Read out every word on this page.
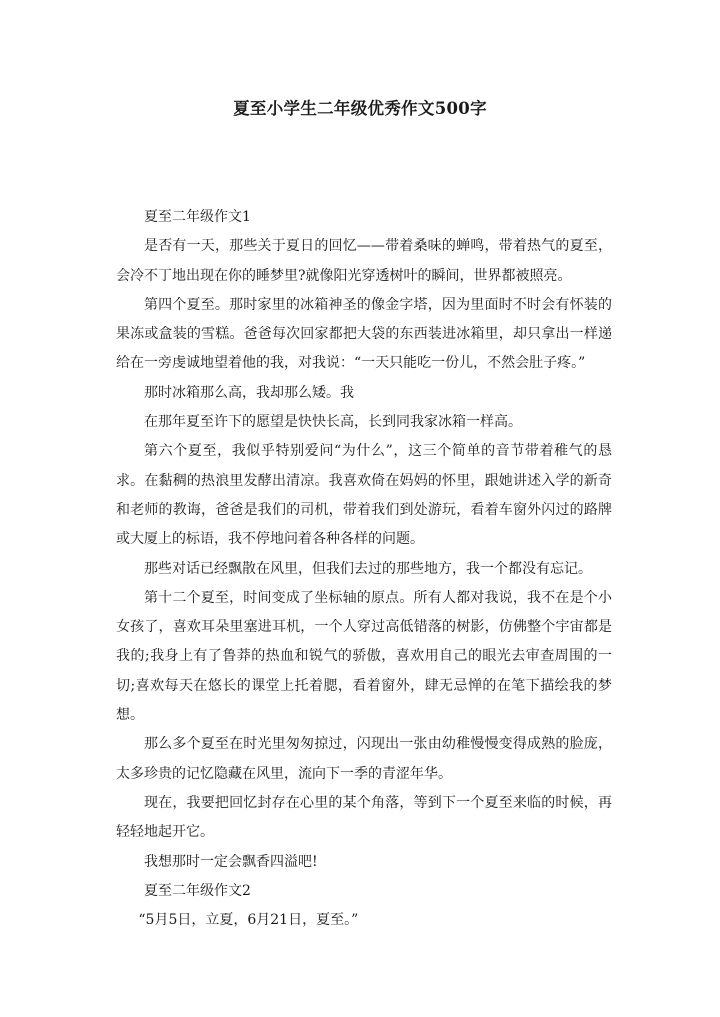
夏至小学生二年级优秀作文500字

夏至二年级作文1

是否有一天，那些关于夏日的回忆——带着桑味的蝉鸣，带着热气的夏至，会冷不丁地出现在你的睡梦里?就像阳光穿透树叶的瞬间，世界都被照亮。

第四个夏至。那时家里的冰箱神圣的像金字塔，因为里面时不时会有怀装的果冻或盒装的雪糕。爸爸每次回家都把大袋的东西装进冰箱里，却只拿出一样递给在一旁虔诚地望着他的我，对我说：“一天只能吃一份儿，不然会肚子疼。”

那时冰箱那么高，我却那么矮。我

在那年夏至许下的愿望是快快长高，长到同我家冰箱一样高。

第六个夏至，我似乎特别爱问“为什么”，这三个简单的音节带着稚气的恳求。在黏稠的热浪里发酵出清凉。我喜欢倚在妈妈的怀里，跟她讲述入学的新奇和老师的教诲，爸爸是我们的司机，带着我们到处游玩，看着车窗外闪过的路牌或大厦上的标语，我不停地问着各种各样的问题。

那些对话已经飘散在风里，但我们去过的那些地方，我一个都没有忘记。

第十二个夏至，时间变成了坐标轴的原点。所有人都对我说，我不在是个小女孩了，喜欢耳朵里塞进耳机，一个人穿过高低错落的树影，仿佛整个宇宙都是我的;我身上有了鲁莽的热血和锐气的骄傲，喜欢用自己的眼光去审查周围的一切;喜欢每天在悠长的课堂上托着腮，看着窗外，肆无忌惮的在笔下描绘我的梦想。

那么多个夏至在时光里匆匆掠过，闪现出一张由幼稚慢慢变得成熟的脸庞，太多珍贵的记忆隐藏在风里，流向下一季的青涩年华。

现在，我要把回忆封存在心里的某个角落，等到下一个夏至来临的时候，再轻轻地起开它。

我想那时一定会飘香四溢吧!

夏至二年级作文2

“5月5日，立夏，6月21日，夏至。”
